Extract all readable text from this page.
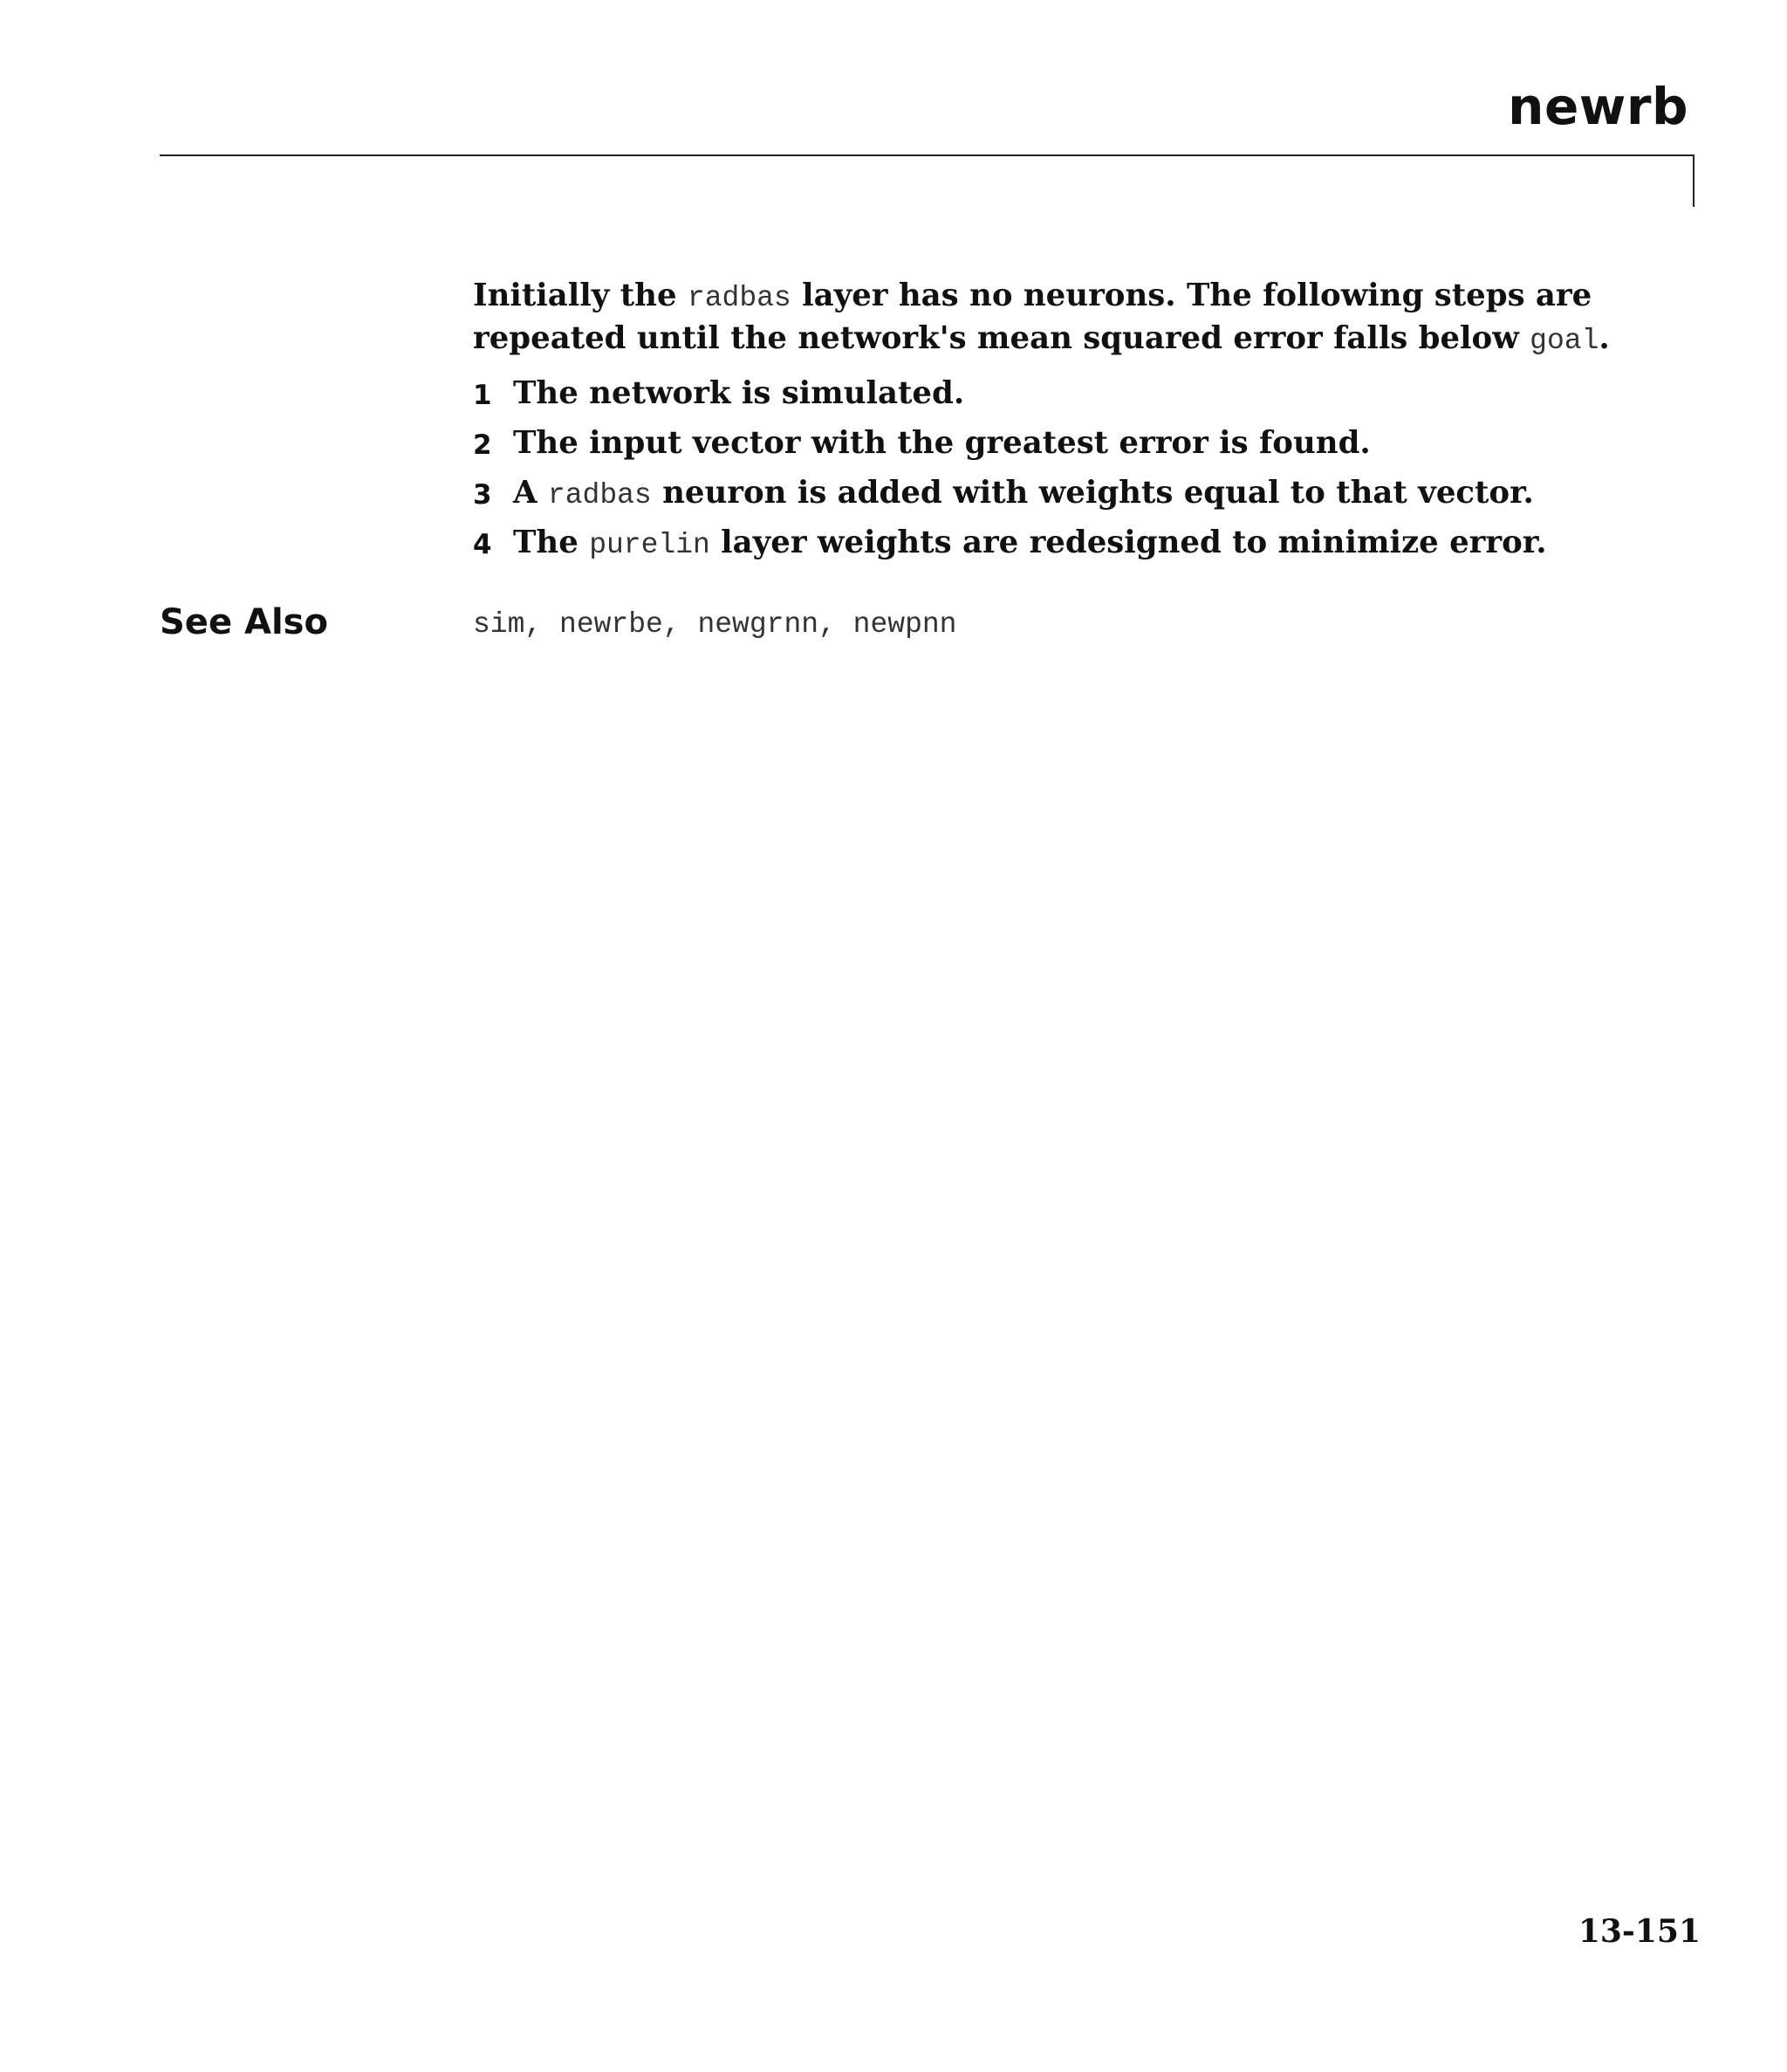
newrb
Initially the radbas layer has no neurons. The following steps are repeated until the network's mean squared error falls below goal.
1 The network is simulated.
2 The input vector with the greatest error is found.
3 A radbas neuron is added with weights equal to that vector.
4 The purelin layer weights are redesigned to minimize error.
See Also	sim, newrbe, newgrnn, newpnn
13-151
